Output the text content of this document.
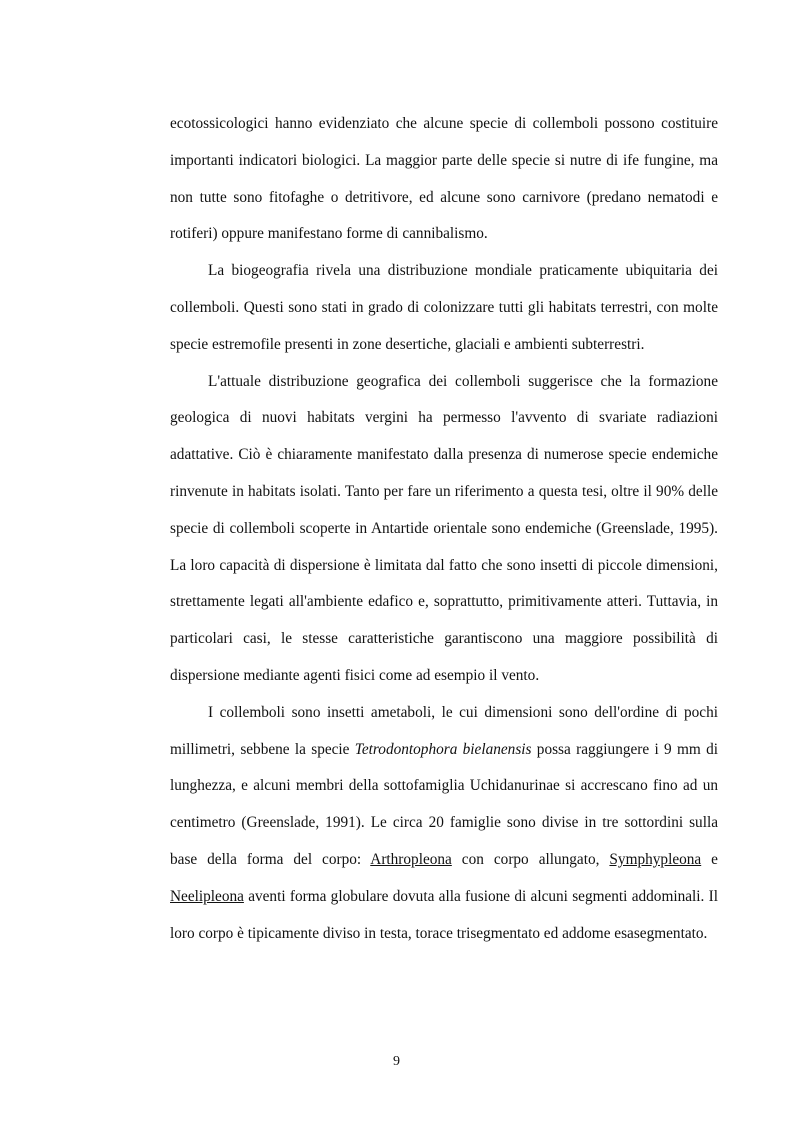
ecotossicologici hanno evidenziato che alcune specie di collemboli possono costituire importanti indicatori biologici. La maggior parte delle specie si nutre di ife fungine, ma non tutte sono fitofaghe o detritivore, ed alcune sono carnivore (predano nematodi e rotiferi) oppure manifestano forme di cannibalismo.

La biogeografia rivela una distribuzione mondiale praticamente ubiquitaria dei collemboli. Questi sono stati in grado di colonizzare tutti gli habitats terrestri, con molte specie estremofile presenti in zone desertiche, glaciali e ambienti subterrestri.

L'attuale distribuzione geografica dei collemboli suggerisce che la formazione geologica di nuovi habitats vergini ha permesso l'avvento di svariate radiazioni adattative. Ciò è chiaramente manifestato dalla presenza di numerose specie endemiche rinvenute in habitats isolati. Tanto per fare un riferimento a questa tesi, oltre il 90% delle specie di collemboli scoperte in Antartide orientale sono endemiche (Greenslade, 1995). La loro capacità di dispersione è limitata dal fatto che sono insetti di piccole dimensioni, strettamente legati all'ambiente edafico e, soprattutto, primitivamente atteri. Tuttavia, in particolari casi, le stesse caratteristiche garantiscono una maggiore possibilità di dispersione mediante agenti fisici come ad esempio il vento.

I collemboli sono insetti ametaboli, le cui dimensioni sono dell'ordine di pochi millimetri, sebbene la specie Tetrodontophora bielanensis possa raggiungere i 9 mm di lunghezza, e alcuni membri della sottofamiglia Uchidanurinae si accrescano fino ad un centimetro (Greenslade, 1991). Le circa 20 famiglie sono divise in tre sottordini sulla base della forma del corpo: Arthropleona con corpo allungato, Symphypleona e Neelipleona aventi forma globulare dovuta alla fusione di alcuni segmenti addominali. Il loro corpo è tipicamente diviso in testa, torace trisegmentato ed addome esasegmentato.

9
